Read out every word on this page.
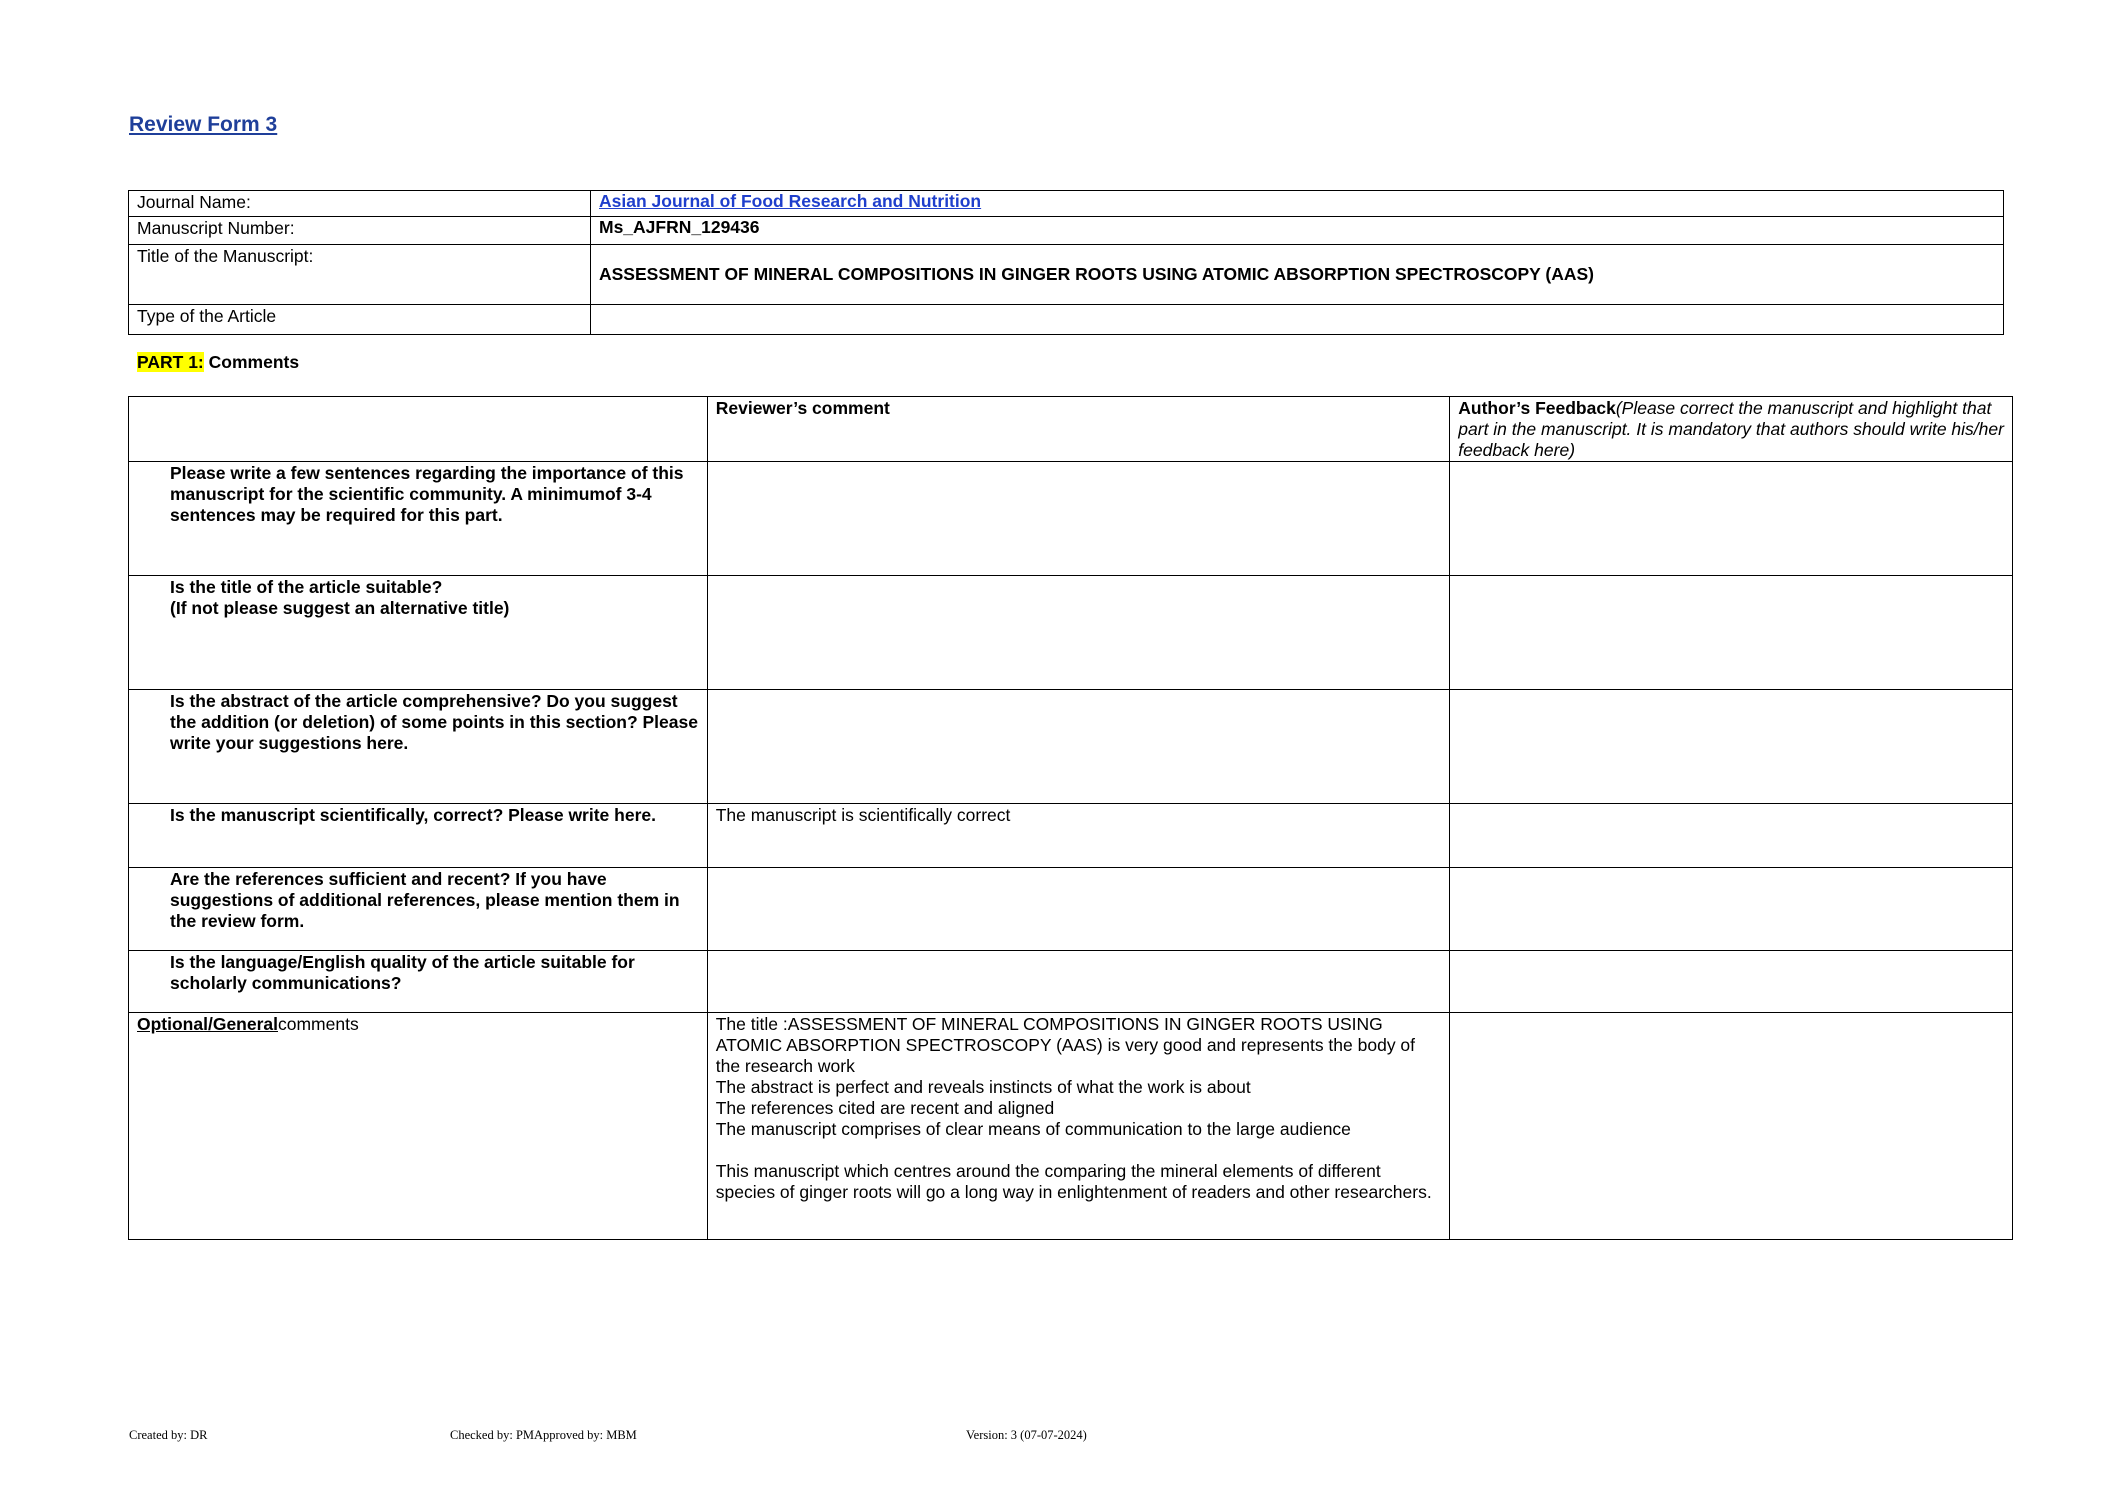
Review Form 3
Journal Name:	Asian Journal of Food Research and Nutrition
Manuscript Number:	Ms_AJFRN_129436
Title of the Manuscript:	ASSESSMENT OF MINERAL COMPOSITIONS IN GINGER ROOTS USING ATOMIC ABSORPTION SPECTROSCOPY (AAS)
Type of the Article	
PART 1: Comments
	Reviewer’s comment	Author’s Feedback(Please correct the manuscript and highlight that part in the manuscript. It is mandatory that authors should write his/her feedback here)
Please write a few sentences regarding the importance of this manuscript for the scientific community. A minimumof 3-4 sentences may be required for this part.		

Is the title of the article suitable?
(If not please suggest an alternative title)		

Is the abstract of the article comprehensive? Do you suggest the addition (or deletion) of some points in this section? Please write your suggestions here.		
Is the manuscript scientifically, correct? Please write here.	The manuscript is scientifically correct	
Are the references sufficient and recent? If you have suggestions of additional references, please mention them in the review form.		
Is the language/English quality of the article suitable for scholarly communications?		
Optional/Generalcomments	The title :ASSESSMENT OF MINERAL COMPOSITIONS IN GINGER ROOTS USING ATOMIC ABSORPTION SPECTROSCOPY (AAS) is very good and represents the body of the research work
The abstract is perfect and reveals instincts of what the work is about
The references cited are recent and aligned
The manuscript comprises of clear means of communication to the large audience
This manuscript which centres around the comparing the mineral elements of different species of ginger roots will go a long way in enlightenment of readers and other researchers.	

Created by: DR	Checked by: PMApproved by: MBM	Version: 3 (07-07-2024)
